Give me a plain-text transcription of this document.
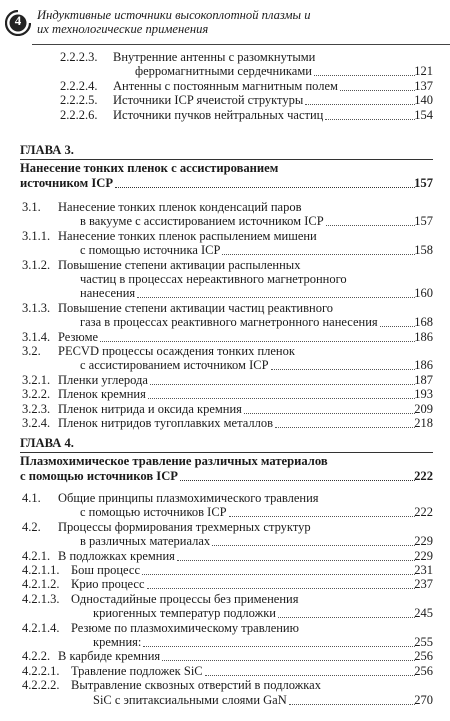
4 Индуктивные источники высокоплотной плазмы и
их технологические применения
2.2.2.3. Внутренние антенны с разомкнутыми
ферромагнитными сердечниками	121
2.2.2.4. Антенны с постоянным магнитным полем	137
2.2.2.5. Источники ICP ячеистой структуры	140
2.2.2.6. Источники пучков нейтральных частиц	154
ГЛАВА 3.
Нанесение тонких пленок с ассистированием
источником ICP	157
3.1. Нанесение тонких пленок конденсаций паров
в вакууме с ассистированием источником ICP	157
3.1.1. Нанесение тонких пленок распылением мишени
с помощью источника ICP	158
3.1.2. Повышение степени активации распыленных
частиц в процессах нереактивного магнетронного
нанесения	160
3.1.3. Повышение степени активации частиц реактивного
газа в процессах реактивного магнетронного нанесения	168
3.1.4. Резюме	186
3.2. PECVD процессы осаждения тонких пленок
с ассистированием источником ICP	186
3.2.1. Пленки углерода	187
3.2.2. Пленок кремния	193
3.2.3. Пленок нитрида и оксида кремния	209
3.2.4. Пленок нитридов тугоплавких металлов	218
ГЛАВА 4.
Плазмохимическое травление различных материалов
с помощью источников ICP	222
4.1. Общие принципы плазмохимического травления
с помощью источников ICP	222
4.2. Процессы формирования трехмерных структур
в различных материалах	229
4.2.1. В подложках кремния	229
4.2.1.1. Бош процесс	231
4.2.1.2. Крио процесс	237
4.2.1.3. Одностадийные процессы без применения
криогенных температур подложки	245
4.2.1.4. Резюме по плазмохимическому травлению
кремния:	255
4.2.2. В карбиде кремния	256
4.2.2.1. Травление подложек SiC	256
4.2.2.2. Вытравление сквозных отверстий в подложках
SiC с эпитаксиальными слоями GaN	270
